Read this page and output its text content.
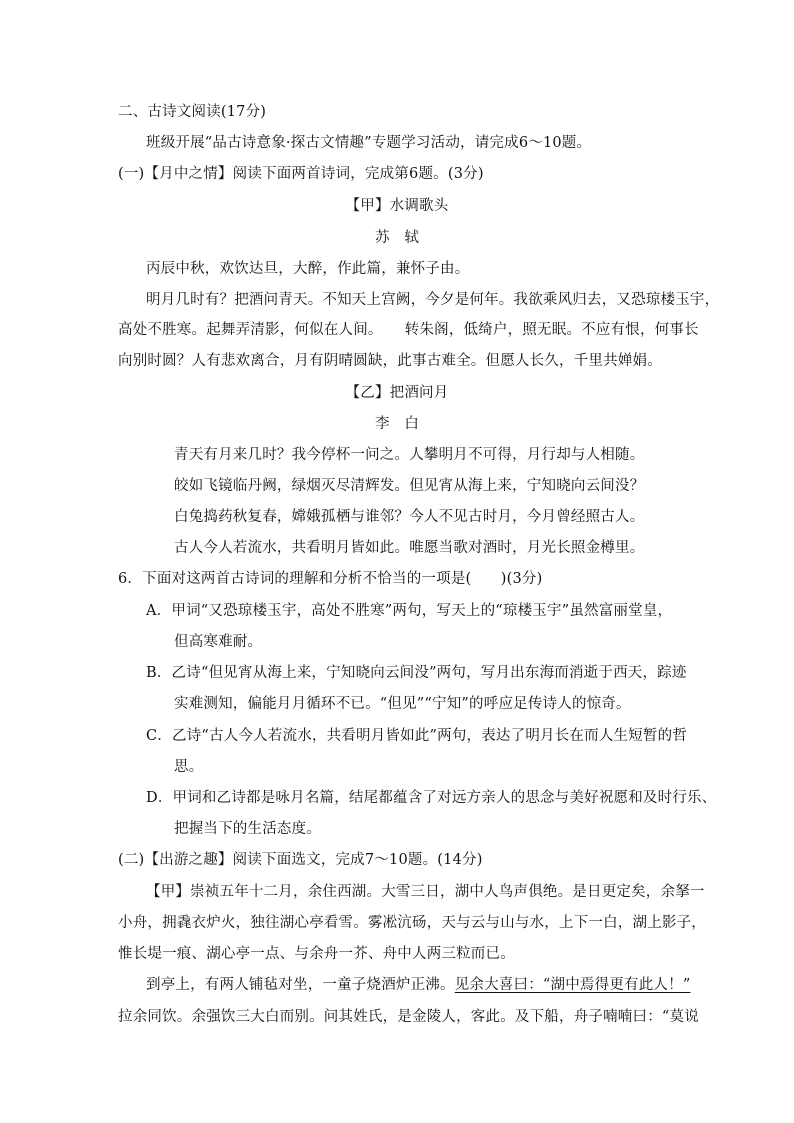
二、古诗文阅读(17分)
班级开展“品古诗意象·探古文情趣”专题学习活动，请完成6～10题。
(一)【月中之情】阅读下面两首诗词，完成第6题。(3分)
【甲】水调歌头
苏　轼
丙辰中秋，欢饮达旦，大醉，作此篇，兼怀子由。
明月几时有？把酒问青天。不知天上宫阙，今夕是何年。我欲乘风归去，又恐琼楼玉宇，
高处不胜寒。起舞弄清影，何似在人间。　　转朱阁，低绮户，照无眠。不应有恨，何事长
向别时圆？人有悲欢离合，月有阴晴圆缺，此事古难全。但愿人长久，千里共婵娟。
【乙】把酒问月
李　白
青天有月来几时？我今停杯一问之。人攀明月不可得，月行却与人相随。
皎如飞镜临丹阙，绿烟灭尽清辉发。但见宵从海上来，宁知晓向云间没？
白兔捣药秋复春，嫦娥孤栖与谁邻？今人不见古时月，今月曾经照古人。
古人今人若流水，共看明月皆如此。唯愿当歌对酒时，月光长照金樽里。
6．下面对这两首古诗词的理解和分析不恰当的一项是(　　)(3分)
A．甲词“又恐琼楼玉宇，高处不胜寒”两句，写天上的“琼楼玉宇”虽然富丽堂皇，
但高寒难耐。
B．乙诗“但见宵从海上来，宁知晓向云间没”两句，写月出东海而消逝于西天，踪迹
实难测知，偏能月月循环不已。“但见”“宁知”的呼应足传诗人的惊奇。
C．乙诗“古人今人若流水，共看明月皆如此”两句，表达了明月长在而人生短暂的哲
思。
D．甲词和乙诗都是咏月名篇，结尾都蕴含了对远方亲人的思念与美好祝愿和及时行乐、
把握当下的生活态度。
(二)【出游之趣】阅读下面选文，完成7～10题。(14分)
【甲】崇祯五年十二月，余住西湖。大雪三日，湖中人鸟声俱绝。是日更定矣，余拏一
小舟，拥毳衣炉火，独往湖心亭看雪。雾凇沆砀，天与云与山与水，上下一白，湖上影子，
惟长堤一痕、湖心亭一点、与余舟一芥、舟中人两三粒而已。
到亭上，有两人铺毡对坐，一童子烧酒炉正沸。见余大喜曰：“湖中焉得更有此人！”
拉余同饮。余强饮三大白而别。问其姓氏，是金陵人，客此。及下船，舟子喃喃曰：“莫说
